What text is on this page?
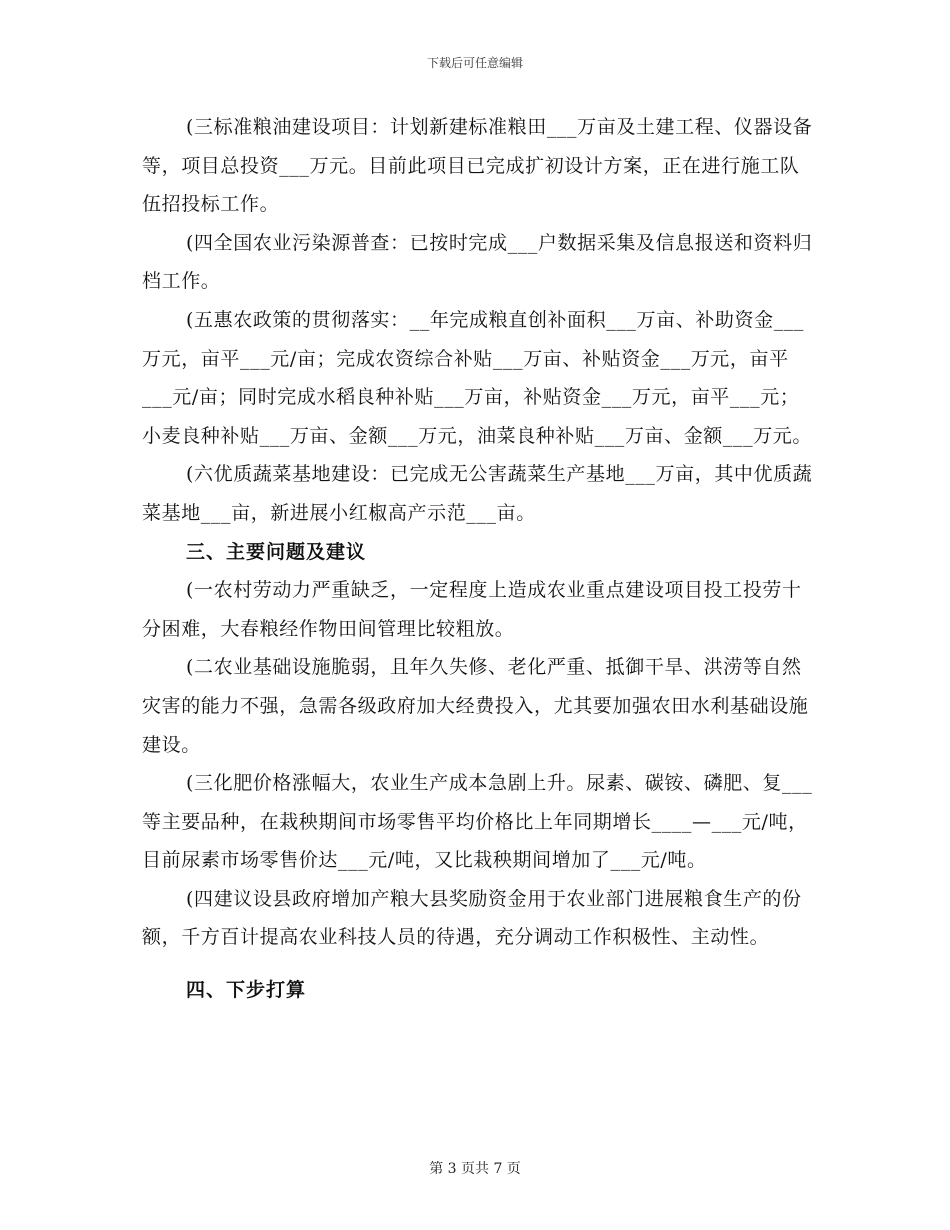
下载后可任意编辑

(三标准粮油建设项目：计划新建标准粮田___万亩及土建工程、仪器设备等，项目总投资___万元。目前此项目已完成扩初设计方案，正在进行施工队伍招投标工作。

(四全国农业污染源普查：已按时完成___户数据采集及信息报送和资料归档工作。

(五惠农政策的贯彻落实：__年完成粮直创补面积___万亩、补助资金___万元，亩平___元/亩；完成农资综合补贴___万亩、补贴资金___万元，亩平___元/亩；同时完成水稻良种补贴___万亩，补贴资金___万元，亩平___元；小麦良种补贴___万亩、金额___万元，油菜良种补贴___万亩、金额___万元。

(六优质蔬菜基地建设：已完成无公害蔬菜生产基地___万亩，其中优质蔬菜基地___亩，新进展小红椒高产示范___亩。

三、主要问题及建议

(一农村劳动力严重缺乏，一定程度上造成农业重点建设项目投工投劳十分困难，大春粮经作物田间管理比较粗放。

(二农业基础设施脆弱，且年久失修、老化严重、抵御干旱、洪涝等自然灾害的能力不强，急需各级政府加大经费投入，尤其要加强农田水利基础设施建设。

(三化肥价格涨幅大，农业生产成本急剧上升。尿素、碳铵、磷肥、复___等主要品种，在栽秧期间市场零售平均价格比上年同期增长____—___元/吨，目前尿素市场零售价达___元/吨，又比栽秧期间增加了___元/吨。

(四建议设县政府增加产粮大县奖励资金用于农业部门进展粮食生产的份额，千方百计提高农业科技人员的待遇，充分调动工作积极性、主动性。

四、下步打算

第 3 页共 7 页
